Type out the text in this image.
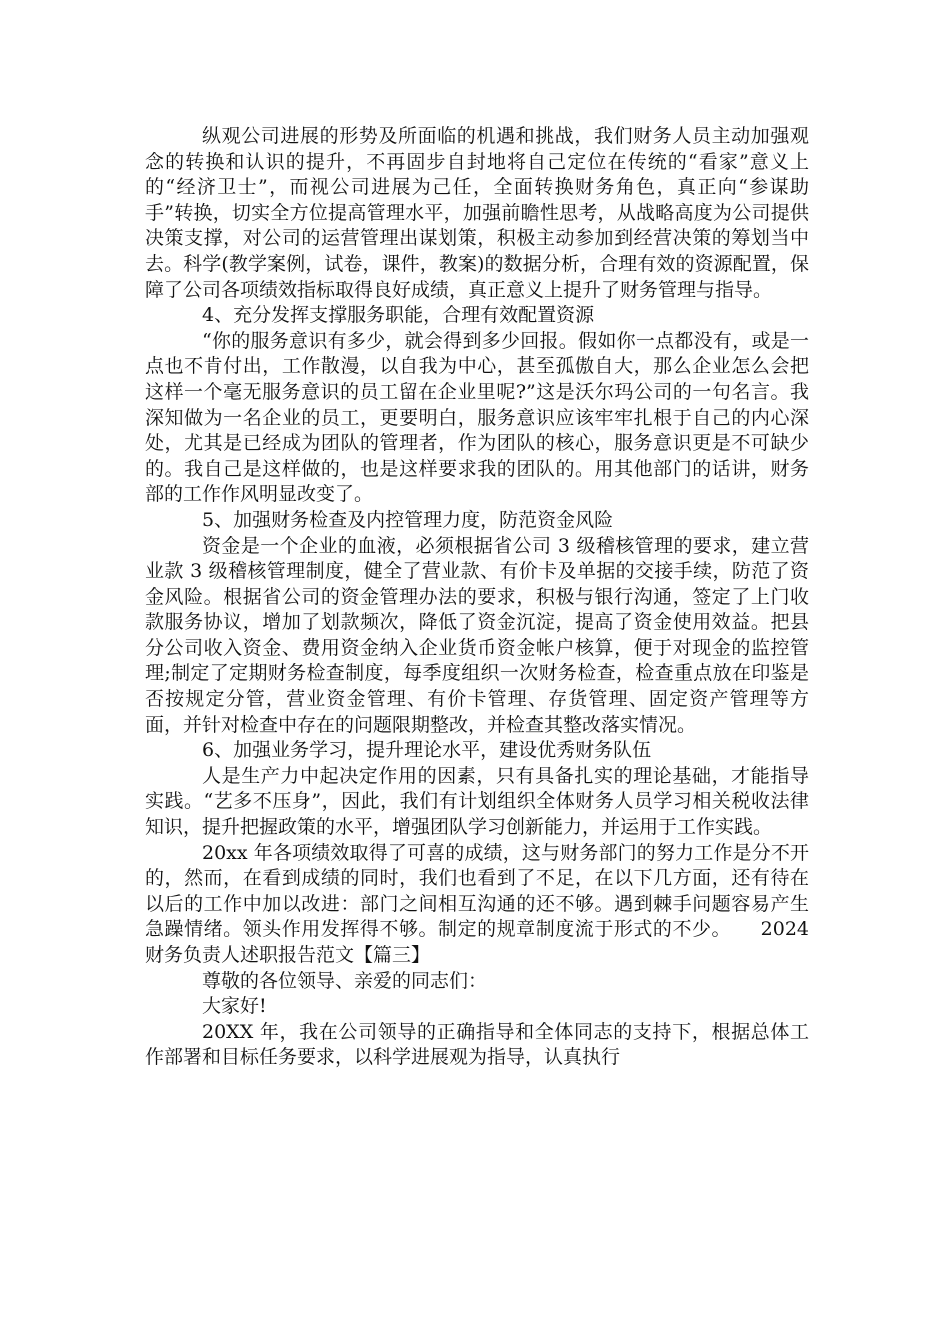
纵观公司进展的形势及所面临的机遇和挑战，我们财务人员主动加强观念的转换和认识的提升，不再固步自封地将自己定位在传统的“看家”意义上的“经济卫士”，而视公司进展为己任，全面转换财务角色，真正向“参谋助手”转换，切实全方位提高管理水平，加强前瞻性思考，从战略高度为公司提供决策支撑，对公司的运营管理出谋划策，积极主动参加到经营决策的筹划当中去。科学(教学案例，试卷，课件，教案)的数据分析，合理有效的资源配置，保障了公司各项绩效指标取得良好成绩，真正意义上提升了财务管理与指导。

4、充分发挥支撑服务职能，合理有效配置资源

“你的服务意识有多少，就会得到多少回报。假如你一点都没有，或是一点也不肯付出，工作散漫，以自我为中心，甚至孤傲自大，那么企业怎么会把这样一个毫无服务意识的员工留在企业里呢?”这是沃尔玛公司的一句名言。我深知做为一名企业的员工，更要明白，服务意识应该牢牢扎根于自己的内心深处，尤其是已经成为团队的管理者，作为团队的核心，服务意识更是不可缺少的。我自己是这样做的，也是这样要求我的团队的。用其他部门的话讲，财务部的工作作风明显改变了。

5、加强财务检查及内控管理力度，防范资金风险

资金是一个企业的血液，必须根据省公司 3 级稽核管理的要求，建立营业款 3 级稽核管理制度，健全了营业款、有价卡及单据的交接手续，防范了资金风险。根据省公司的资金管理办法的要求，积极与银行沟通，签定了上门收款服务协议，增加了划款频次，降低了资金沉淀，提高了资金使用效益。把县分公司收入资金、费用资金纳入企业货币资金帐户核算，便于对现金的监控管理;制定了定期财务检查制度，每季度组织一次财务检查，检查重点放在印鉴是否按规定分管，营业资金管理、有价卡管理、存货管理、固定资产管理等方面，并针对检查中存在的问题限期整改，并检查其整改落实情况。

6、加强业务学习，提升理论水平，建设优秀财务队伍

人是生产力中起决定作用的因素，只有具备扎实的理论基础，才能指导实践。“艺多不压身”，因此，我们有计划组织全体财务人员学习相关税收法律知识，提升把握政策的水平，增强团队学习创新能力，并运用于工作实践。

20xx 年各项绩效取得了可喜的成绩，这与财务部门的努力工作是分不开的，然而，在看到成绩的同时，我们也看到了不足，在以下几方面，还有待在以后的工作中加以改进：部门之间相互沟通的还不够。遇到棘手问题容易产生急躁情绪。领头作用发挥得不够。制定的规章制度流于形式的不少。　　2024 财务负责人述职报告范文【篇三】

尊敬的各位领导、亲爱的同志们：

大家好!

20XX 年，我在公司领导的正确指导和全体同志的支持下，根据总体工作部署和目标任务要求，以科学进展观为指导，认真执行
